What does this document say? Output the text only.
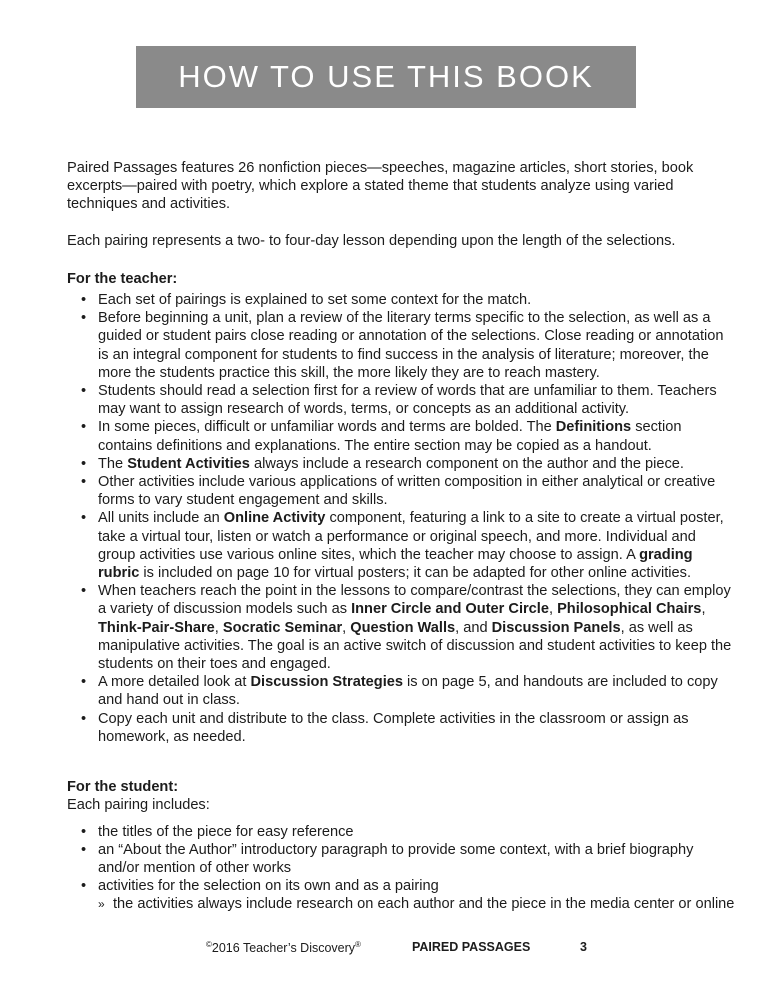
HOW TO USE THIS BOOK

Paired Passages features 26 nonfiction pieces—speeches, magazine articles, short stories, book excerpts—paired with poetry, which explore a stated theme that students analyze using varied techniques and activities.

Each pairing represents a two- to four-day lesson depending upon the length of the selections.

For the teacher:

• Each set of pairings is explained to set some context for the match.
• Before beginning a unit, plan a review of the literary terms specific to the selection, as well as a guided or student pairs close reading or annotation of the selections. Close reading or annotation is an integral component for students to find success in the analysis of literature; moreover, the more the students practice this skill, the more likely they are to reach mastery.
• Students should read a selection first for a review of words that are unfamiliar to them. Teachers may want to assign research of words, terms, or concepts as an additional activity.
• In some pieces, difficult or unfamiliar words and terms are bolded. The Definitions section contains definitions and explanations. The entire section may be copied as a handout.
• The Student Activities always include a research component on the author and the piece.
• Other activities include various applications of written composition in either analytical or creative forms to vary student engagement and skills.
• All units include an Online Activity component, featuring a link to a site to create a virtual poster, take a virtual tour, listen or watch a performance or original speech, and more. Individual and group activities use various online sites, which the teacher may choose to assign. A grading rubric is included on page 10 for virtual posters; it can be adapted for other online activities.
• When teachers reach the point in the lessons to compare/contrast the selections, they can employ a variety of discussion models such as Inner Circle and Outer Circle, Philosophical Chairs, Think-Pair-Share, Socratic Seminar, Question Walls, and Discussion Panels, as well as manipulative activities. The goal is an active switch of discussion and student activities to keep the students on their toes and engaged.
• A more detailed look at Discussion Strategies is on page 5, and handouts are included to copy and hand out in class.
• Copy each unit and distribute to the class. Complete activities in the classroom or assign as homework, as needed.

For the student:

Each pairing includes:

• the titles of the piece for easy reference
• an “About the Author” introductory paragraph to provide some context, with a brief biography and/or mention of other works
• activities for the selection on its own and as a pairing
» the activities always include research on each author and the piece in the media center or online
©2016 Teacher’s Discovery®	PAIRED PASSAGES	3
